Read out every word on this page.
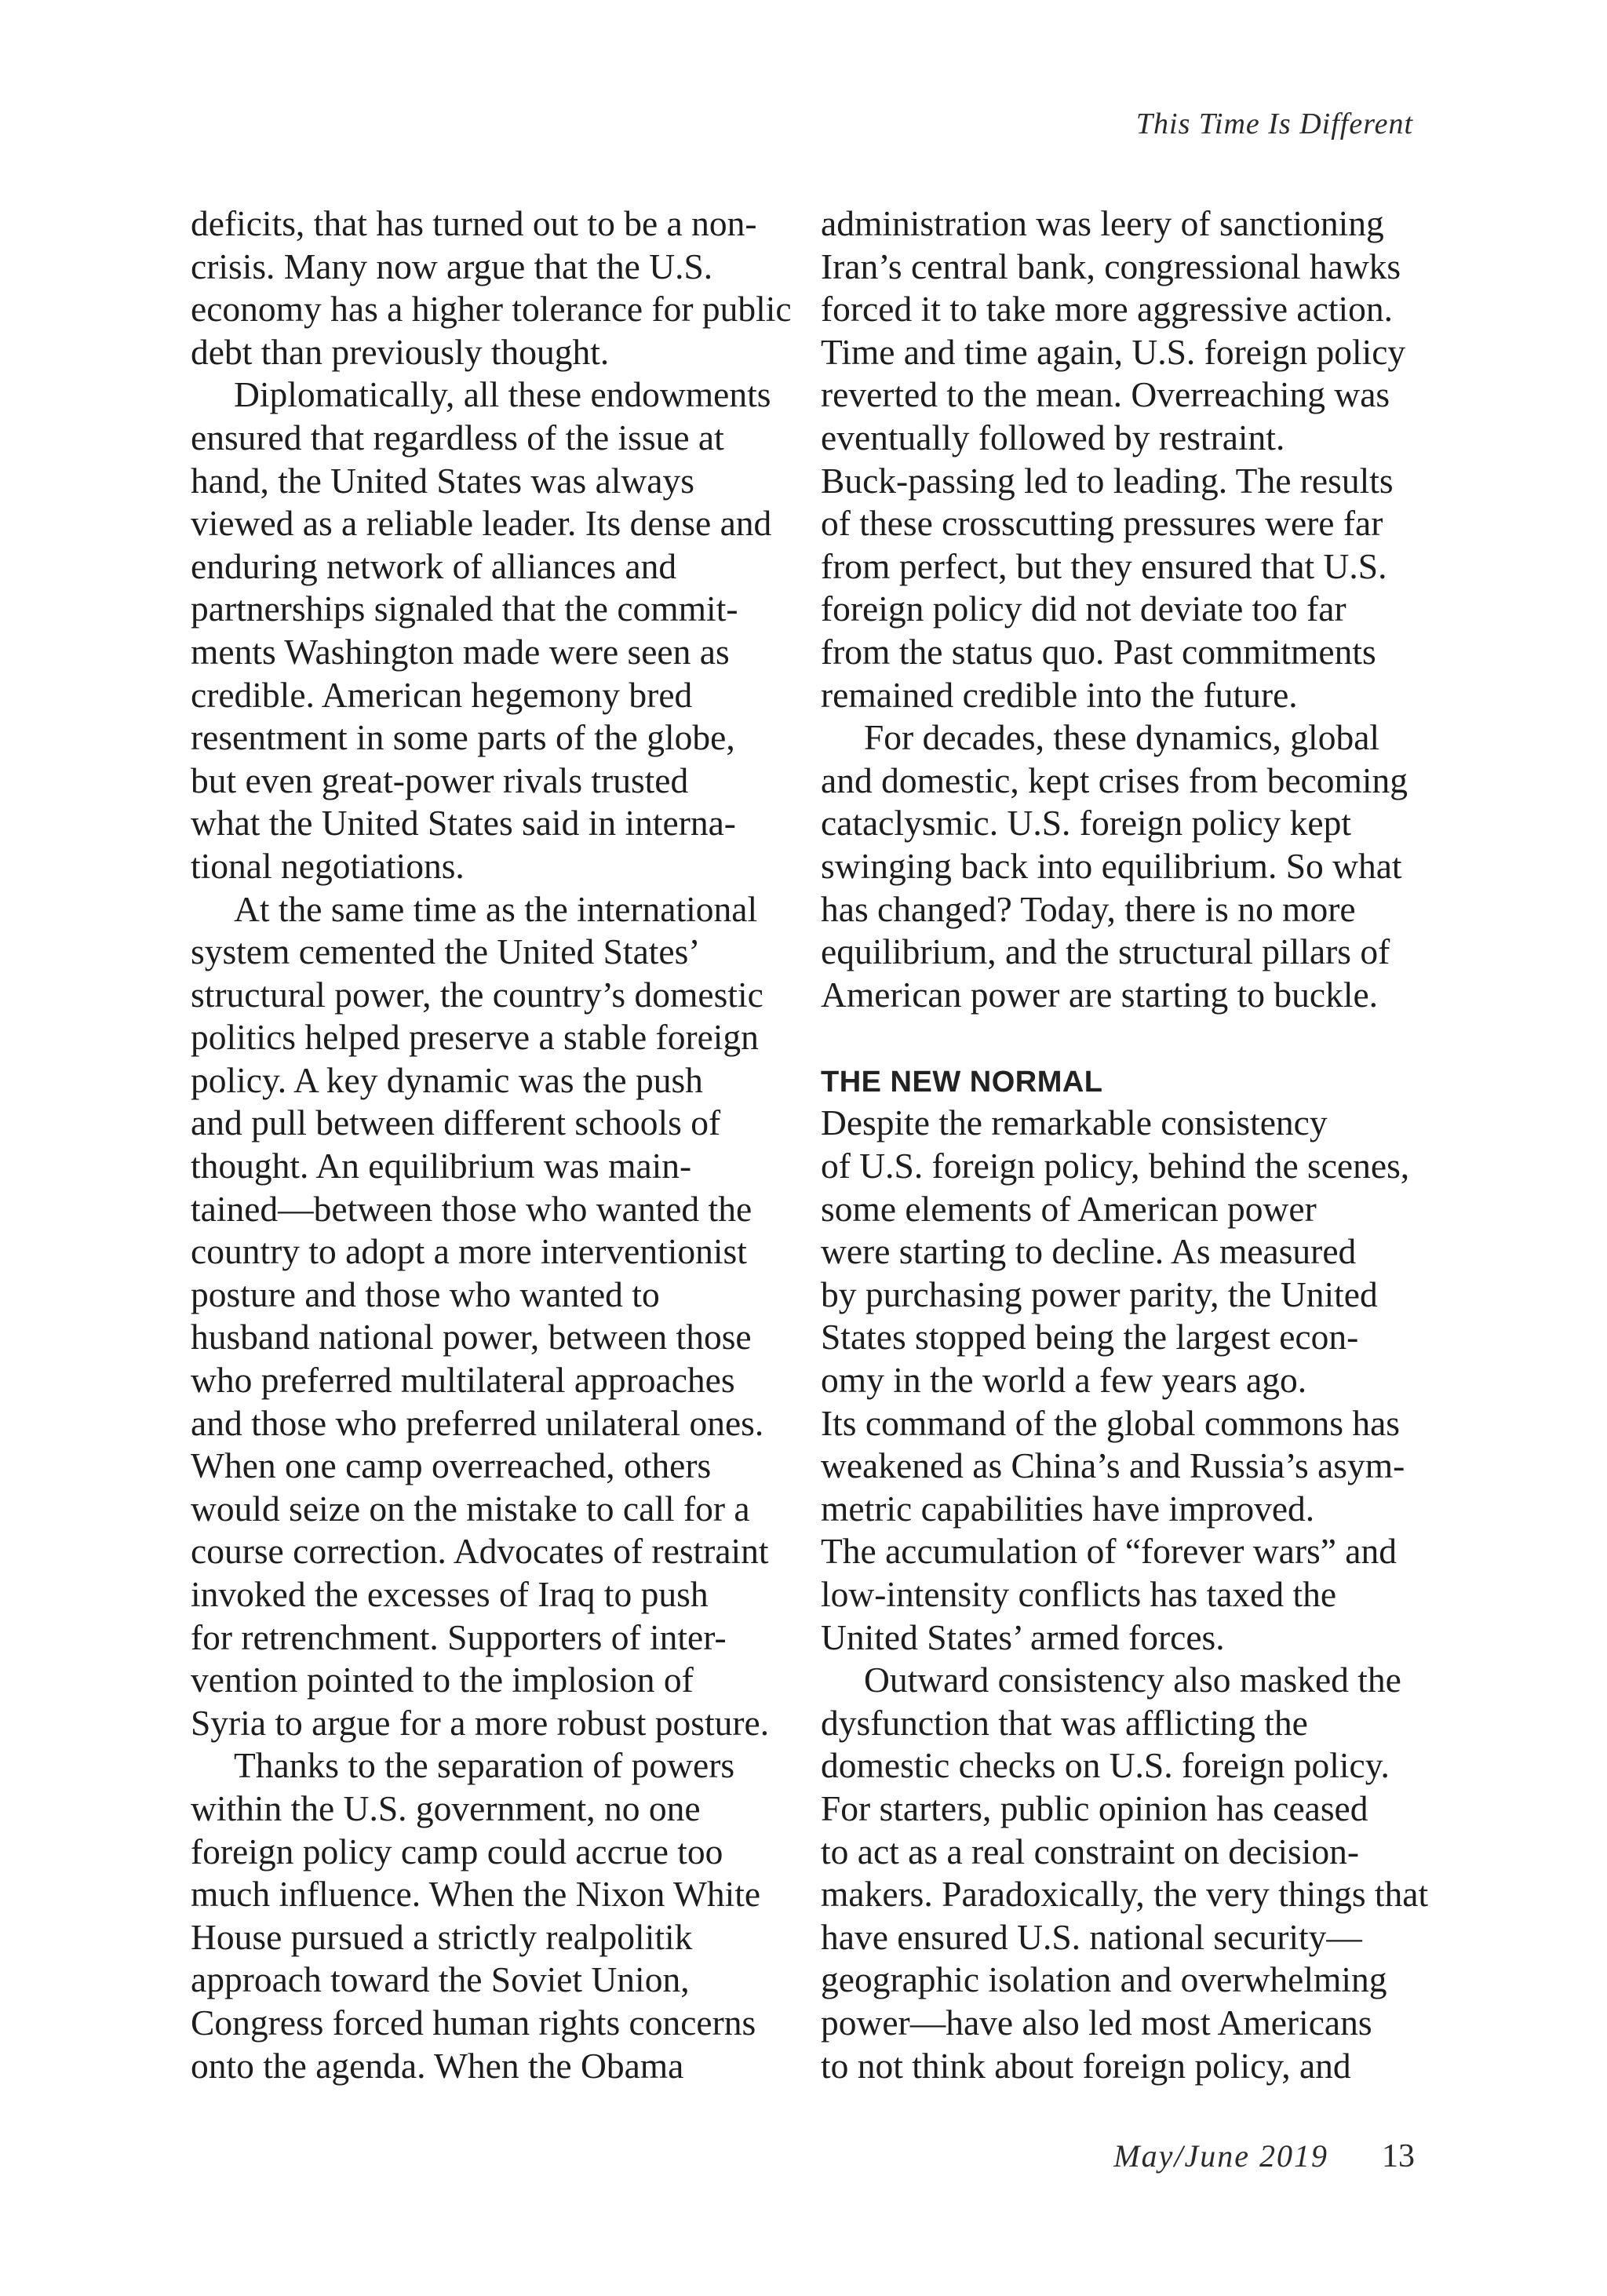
This Time Is Different
deficits, that has turned out to be a non-
crisis. Many now argue that the U.S.
economy has a higher tolerance for public
debt than previously thought.
Diplomatically, all these endowments
ensured that regardless of the issue at
hand, the United States was always
viewed as a reliable leader. Its dense and
enduring network of alliances and
partnerships signaled that the commit-
ments Washington made were seen as
credible. American hegemony bred
resentment in some parts of the globe,
but even great-power rivals trusted
what the United States said in interna-
tional negotiations.
At the same time as the international
system cemented the United States’
structural power, the country’s domestic
politics helped preserve a stable foreign
policy. A key dynamic was the push
and pull between different schools of
thought. An equilibrium was main-
tained—between those who wanted the
country to adopt a more interventionist
posture and those who wanted to
husband national power, between those
who preferred multilateral approaches
and those who preferred unilateral ones.
When one camp overreached, others
would seize on the mistake to call for a
course correction. Advocates of restraint
invoked the excesses of Iraq to push
for retrenchment. Supporters of inter-
vention pointed to the implosion of
Syria to argue for a more robust posture.
Thanks to the separation of powers
within the U.S. government, no one
foreign policy camp could accrue too
much influence. When the Nixon White
House pursued a strictly realpolitik
approach toward the Soviet Union,
Congress forced human rights concerns
onto the agenda. When the Obama
administration was leery of sanctioning
Iran’s central bank, congressional hawks
forced it to take more aggressive action.
Time and time again, U.S. foreign policy
reverted to the mean. Overreaching was
eventually followed by restraint.
Buck-passing led to leading. The results
of these crosscutting pressures were far
from perfect, but they ensured that U.S.
foreign policy did not deviate too far
from the status quo. Past commitments
remained credible into the future.
For decades, these dynamics, global
and domestic, kept crises from becoming
cataclysmic. U.S. foreign policy kept
swinging back into equilibrium. So what
has changed? Today, there is no more
equilibrium, and the structural pillars of
American power are starting to buckle.
THE NEW NORMAL
Despite the remarkable consistency
of U.S. foreign policy, behind the scenes,
some elements of American power
were starting to decline. As measured
by purchasing power parity, the United
States stopped being the largest econ-
omy in the world a few years ago.
Its command of the global commons has
weakened as China’s and Russia’s asym-
metric capabilities have improved.
The accumulation of “forever wars” and
low-intensity conflicts has taxed the
United States’ armed forces.
Outward consistency also masked the
dysfunction that was afflicting the
domestic checks on U.S. foreign policy.
For starters, public opinion has ceased
to act as a real constraint on decision-
makers. Paradoxically, the very things that
have ensured U.S. national security—
geographic isolation and overwhelming
power—have also led most Americans
to not think about foreign policy, and
May/June 2019 13
